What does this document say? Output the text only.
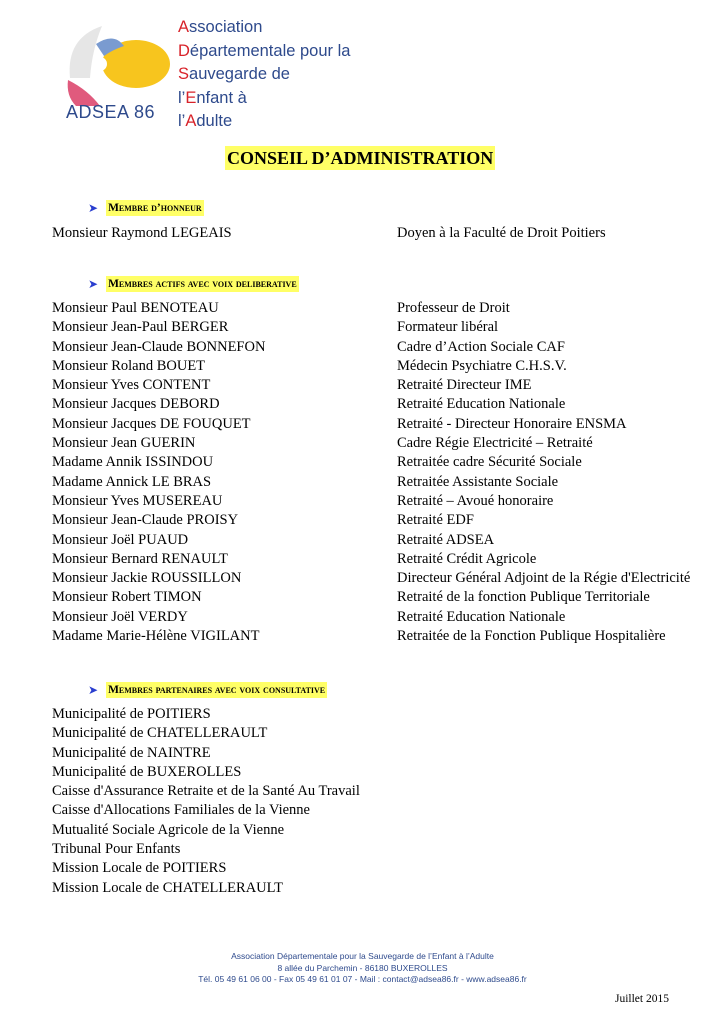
ADSEA 86
Association
Départementale pour la
Sauvegarde de
l’Enfant à
l’Adulte
CONSEIL D’ADMINISTRATION
➤ Membre d’honneur
Monsieur Raymond LEGEAIS	Doyen à la Faculté de Droit Poitiers
➤ Membres actifs avec voix deliberative
Monsieur Paul BENOTEAU	Professeur de Droit
Monsieur Jean-Paul BERGER	Formateur libéral
Monsieur Jean-Claude BONNEFON	Cadre d’Action Sociale CAF
Monsieur Roland BOUET	Médecin Psychiatre C.H.S.V.
Monsieur Yves CONTENT	Retraité Directeur IME
Monsieur Jacques DEBORD	Retraité Education Nationale
Monsieur Jacques DE FOUQUET	Retraité - Directeur Honoraire ENSMA
Monsieur Jean GUERIN	Cadre Régie Electricité – Retraité
Madame Annik ISSINDOU	Retraitée cadre Sécurité Sociale
Madame Annick LE BRAS	Retraitée Assistante Sociale
Monsieur Yves MUSEREAU	Retraité – Avoué honoraire
Monsieur Jean-Claude PROISY	Retraité EDF
Monsieur Joël PUAUD	Retraité ADSEA
Monsieur Bernard RENAULT	Retraité Crédit Agricole
Monsieur Jackie ROUSSILLON	Directeur Général Adjoint de la Régie d'Electricité
Monsieur Robert TIMON	Retraité de la fonction Publique Territoriale
Monsieur Joël VERDY	Retraité Education Nationale
Madame Marie-Hélène VIGILANT	Retraitée de la Fonction Publique Hospitalière
➤ Membres partenaires avec voix consultative
Municipalité de POITIERS
Municipalité de CHATELLERAULT
Municipalité de NAINTRE
Municipalité de BUXEROLLES
Caisse d'Assurance Retraite et de la Santé Au Travail
Caisse d'Allocations Familiales de la Vienne
Mutualité Sociale Agricole de la Vienne
Tribunal Pour Enfants
Mission Locale de POITIERS
Mission Locale de CHATELLERAULT
Association Départementale pour la Sauvegarde de l’Enfant à l’Adulte
8 allée du Parchemin - 86180 BUXEROLLES
Tél. 05 49 61 06 00 - Fax 05 49 61 01 07 - Mail : contact@adsea86.fr - www.adsea86.fr
Juillet 2015
